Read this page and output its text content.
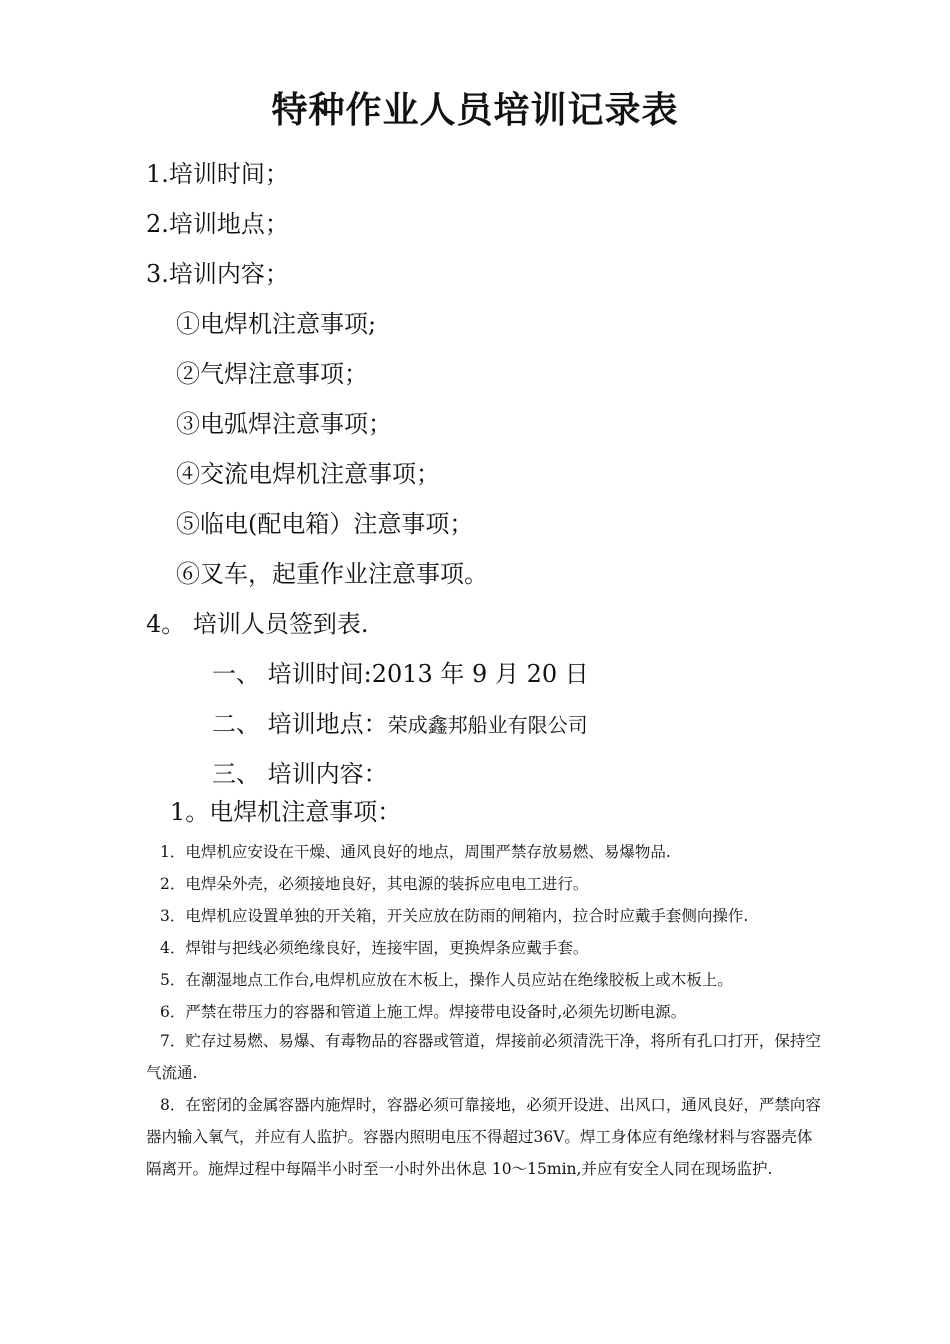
特种作业人员培训记录表
1.培训时间；
2.培训地点；
3.培训内容；
①电焊机注意事项;
②气焊注意事项；
③电弧焊注意事项；
④交流电焊机注意事项；
⑤临电(配电箱）注意事项；
⑥叉车，起重作业注意事项。
4。 培训人员签到表.
一、 培训时间:2013 年 9 月 20 日
二、 培训地点：荣成鑫邦船业有限公司
三、 培训内容：
1。电焊机注意事项：
1．电焊机应安设在干燥、通风良好的地点，周围严禁存放易燃、易爆物品.
2．电焊朵外壳，必须接地良好，其电源的装拆应电电工进行。
3．电焊机应设置单独的开关箱，开关应放在防雨的闸箱内，拉合时应戴手套侧向操作.
4．焊钳与把线必须绝缘良好，连接牢固，更换焊条应戴手套。
5．在潮湿地点工作台,电焊机应放在木板上，操作人员应站在绝缘胶板上或木板上。
6．严禁在带压力的容器和管道上施工焊。焊接带电设备时,必须先切断电源。
7．贮存过易燃、易爆、有毒物品的容器或管道，焊接前必须清洗干净，将所有孔口打开，保持空气流通.
8．在密闭的金属容器内施焊时，容器必须可靠接地，必须开设进、出风口，通风良好，严禁向容器内输入氧气，并应有人监护。容器内照明电压不得超过36V。焊工身体应有绝缘材料与容器壳体隔离开。施焊过程中每隔半小时至一小时外出休息 10～15min,并应有安全人同在现场监护.
